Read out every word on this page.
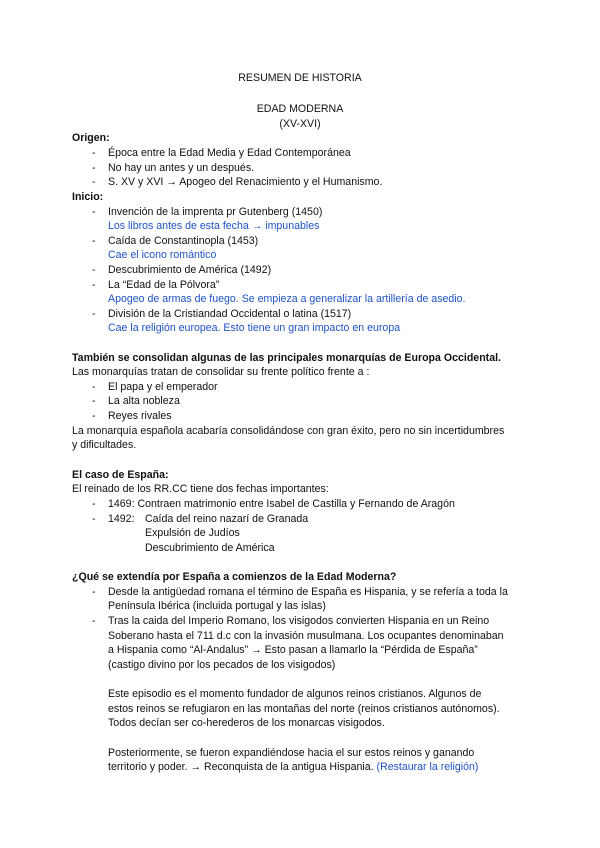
RESUMEN DE HISTORIA
EDAD MODERNA
(XV-XVI)
Origen:
- Época entre la Edad Media y Edad Contemporánea
- No hay un antes y un después.
- S. XV y XVI → Apogeo del Renacimiento y el Humanismo.
Inicio:
- Invención de la imprenta pr Gutenberg (1450)
Los libros antes de esta fecha → impunables
- Caída de Constantinopla (1453)
Cae el icono romántico
- Descubrimiento de América (1492)
- La “Edad de la Pólvora”
Apogeo de armas de fuego. Se empieza a generalizar la artillería de asedio.
- División de la Cristiandad Occidental o latina (1517)
Cae la religión europea. Esto tiene un gran impacto en europa
También se consolidan algunas de las principales monarquías de Europa Occidental.
Las monarquías tratan de consolidar su frente político frente a :
- El papa y el emperador
- La alta nobleza
- Reyes rivales
La monarquía española acabaría consolidándose con gran éxito, pero no sin incertidumbres
y dificultades.
El caso de España:
El reinado de los RR.CC tiene dos fechas importantes:
- 1469: Contraen matrimonio entre Isabel de Castilla y Fernando de Aragón
- 1492: Caída del reino nazarí de Granada
Expulsión de Judíos
Descubrimiento de América
¿Qué se extendía por España a comienzos de la Edad Moderna?
- Desde la antigüedad romana el término de España es Hispania, y se refería a toda la
Península Ibérica (incluida portugal y las islas)
- Tras la caida del Imperio Romano, los visigodos convierten Hispania en un Reino
Soberano hasta el 711 d.c con la invasión musulmana. Los ocupantes denominaban
a Hispania como “Al-Andalus” → Esto pasan a llamarlo la “Pérdida de España”
(castigo divino por los pecados de los visigodos)
Este episodio es el momento fundador de algunos reinos cristianos. Algunos de
estos reinos se refugiaron en las montañas del norte (reinos cristianos autónomos).
Todos decían ser co-herederos de los monarcas visigodos.
Posteriormente, se fueron expandiéndose hacia el sur estos reinos y ganando
territorio y poder. → Reconquista de la antigua Hispania. (Restaurar la religión)
